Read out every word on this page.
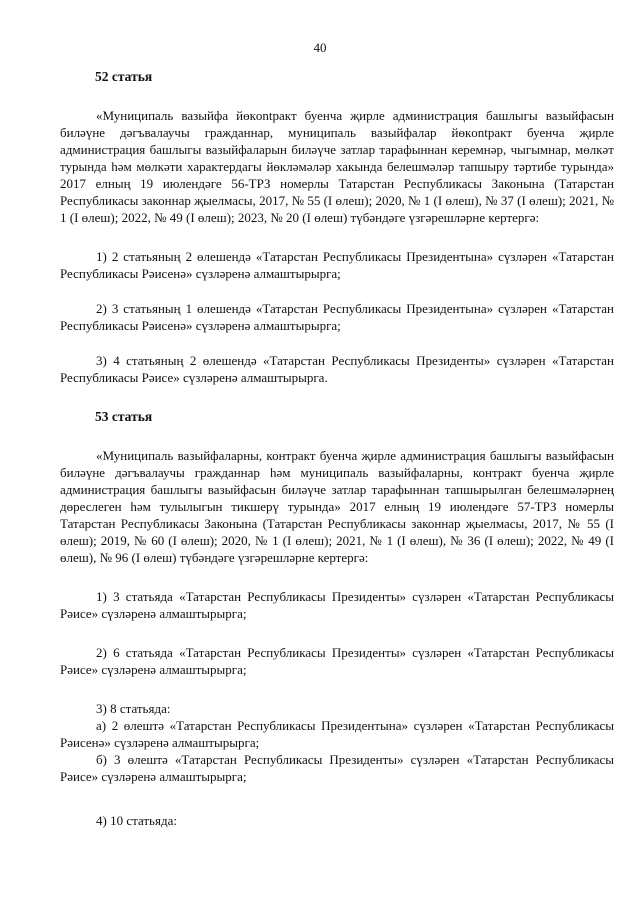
40

52 статья

«Муниципаль вазыйфа йөкontракт буенча җирле администрация башлыгы вазыйфасын билəүне дəгъвалаучы гражданнар, муниципаль вазыйфалар йөкontракт буенча җирле администрация башлыгы вазыйфаларын билəүче затлар тарафыннан керемнəр, чыгымнар, мөлкəт турында һəм мөлкəти характердагы йөклəмəлəр хакында белешмəлəр тапшыру тəртибе турында» 2017 елның 19 июлендəге 56-ТРЗ номерлы Татарстан Республикасы Законына (Татарстан Республикасы законнар җыелмасы, 2017, № 55 (I өлеш); 2020, № 1 (I өлеш), № 37 (I өлеш); 2021, № 1 (I өлеш); 2022, № 49 (I өлеш); 2023, № 20 (I өлеш) түбəндəге үзгəрешлəрне кертергə:

1) 2 статьяның 2 өлешендə «Татарстан Республикасы Президентына» сүзлəрен «Татарстан Республикасы Рəисенə» сүзлəренə алмаштырырга;

2) 3 статьяның 1 өлешендə «Татарстан Республикасы Президентына» сүзлəрен «Татарстан Республикасы Рəисенə» сүзлəренə алмаштырырга;

3) 4 статьяның 2 өлешендə «Татарстан Республикасы Президенты» сүзлəрен «Татарстан Республикасы Рəисе» сүзлəренə алмаштырырга.

53 статья

«Муниципаль вазыйфаларны, контракт буенча җирле администрация башлыгы вазыйфасын билəүне дəгъвалаучы гражданнар һəм муниципаль вазыйфаларны, контракт буенча җирле администрация башлыгы вазыйфасын билəүче затлар тарафыннан тапшырылган белешмəлəрнең дөреслеген һəм тулылыгын тикшерү турында» 2017 елның 19 июлендəге 57-ТРЗ номерлы Татарстан Республикасы Законына (Татарстан Республикасы законнар җыелмасы, 2017, № 55 (I өлеш); 2019, № 60 (I өлеш); 2020, № 1 (I өлеш); 2021, № 1 (I өлеш), № 36 (I өлеш); 2022, № 49 (I өлеш), № 96 (I өлеш) түбəндəге үзгəрешлəрне кертергə:

1) 3 статьяда «Татарстан Республикасы Президенты» сүзлəрен «Татарстан Республикасы Рəисе» сүзлəренə алмаштырырга;

2) 6 статьяда «Татарстан Республикасы Президенты» сүзлəрен «Татарстан Республикасы Рəисе» сүзлəренə алмаштырырга;

3) 8 статьяда:

а) 2 өлештə «Татарстан Республикасы Президентына» сүзлəрен «Татарстан Республикасы Рəисенə» сүзлəренə алмаштырырга;

б) 3 өлештə «Татарстан Республикасы Президенты» сүзлəрен «Татарстан Республикасы Рəисе» сүзлəренə алмаштырырга;

4) 10 статьяда:
